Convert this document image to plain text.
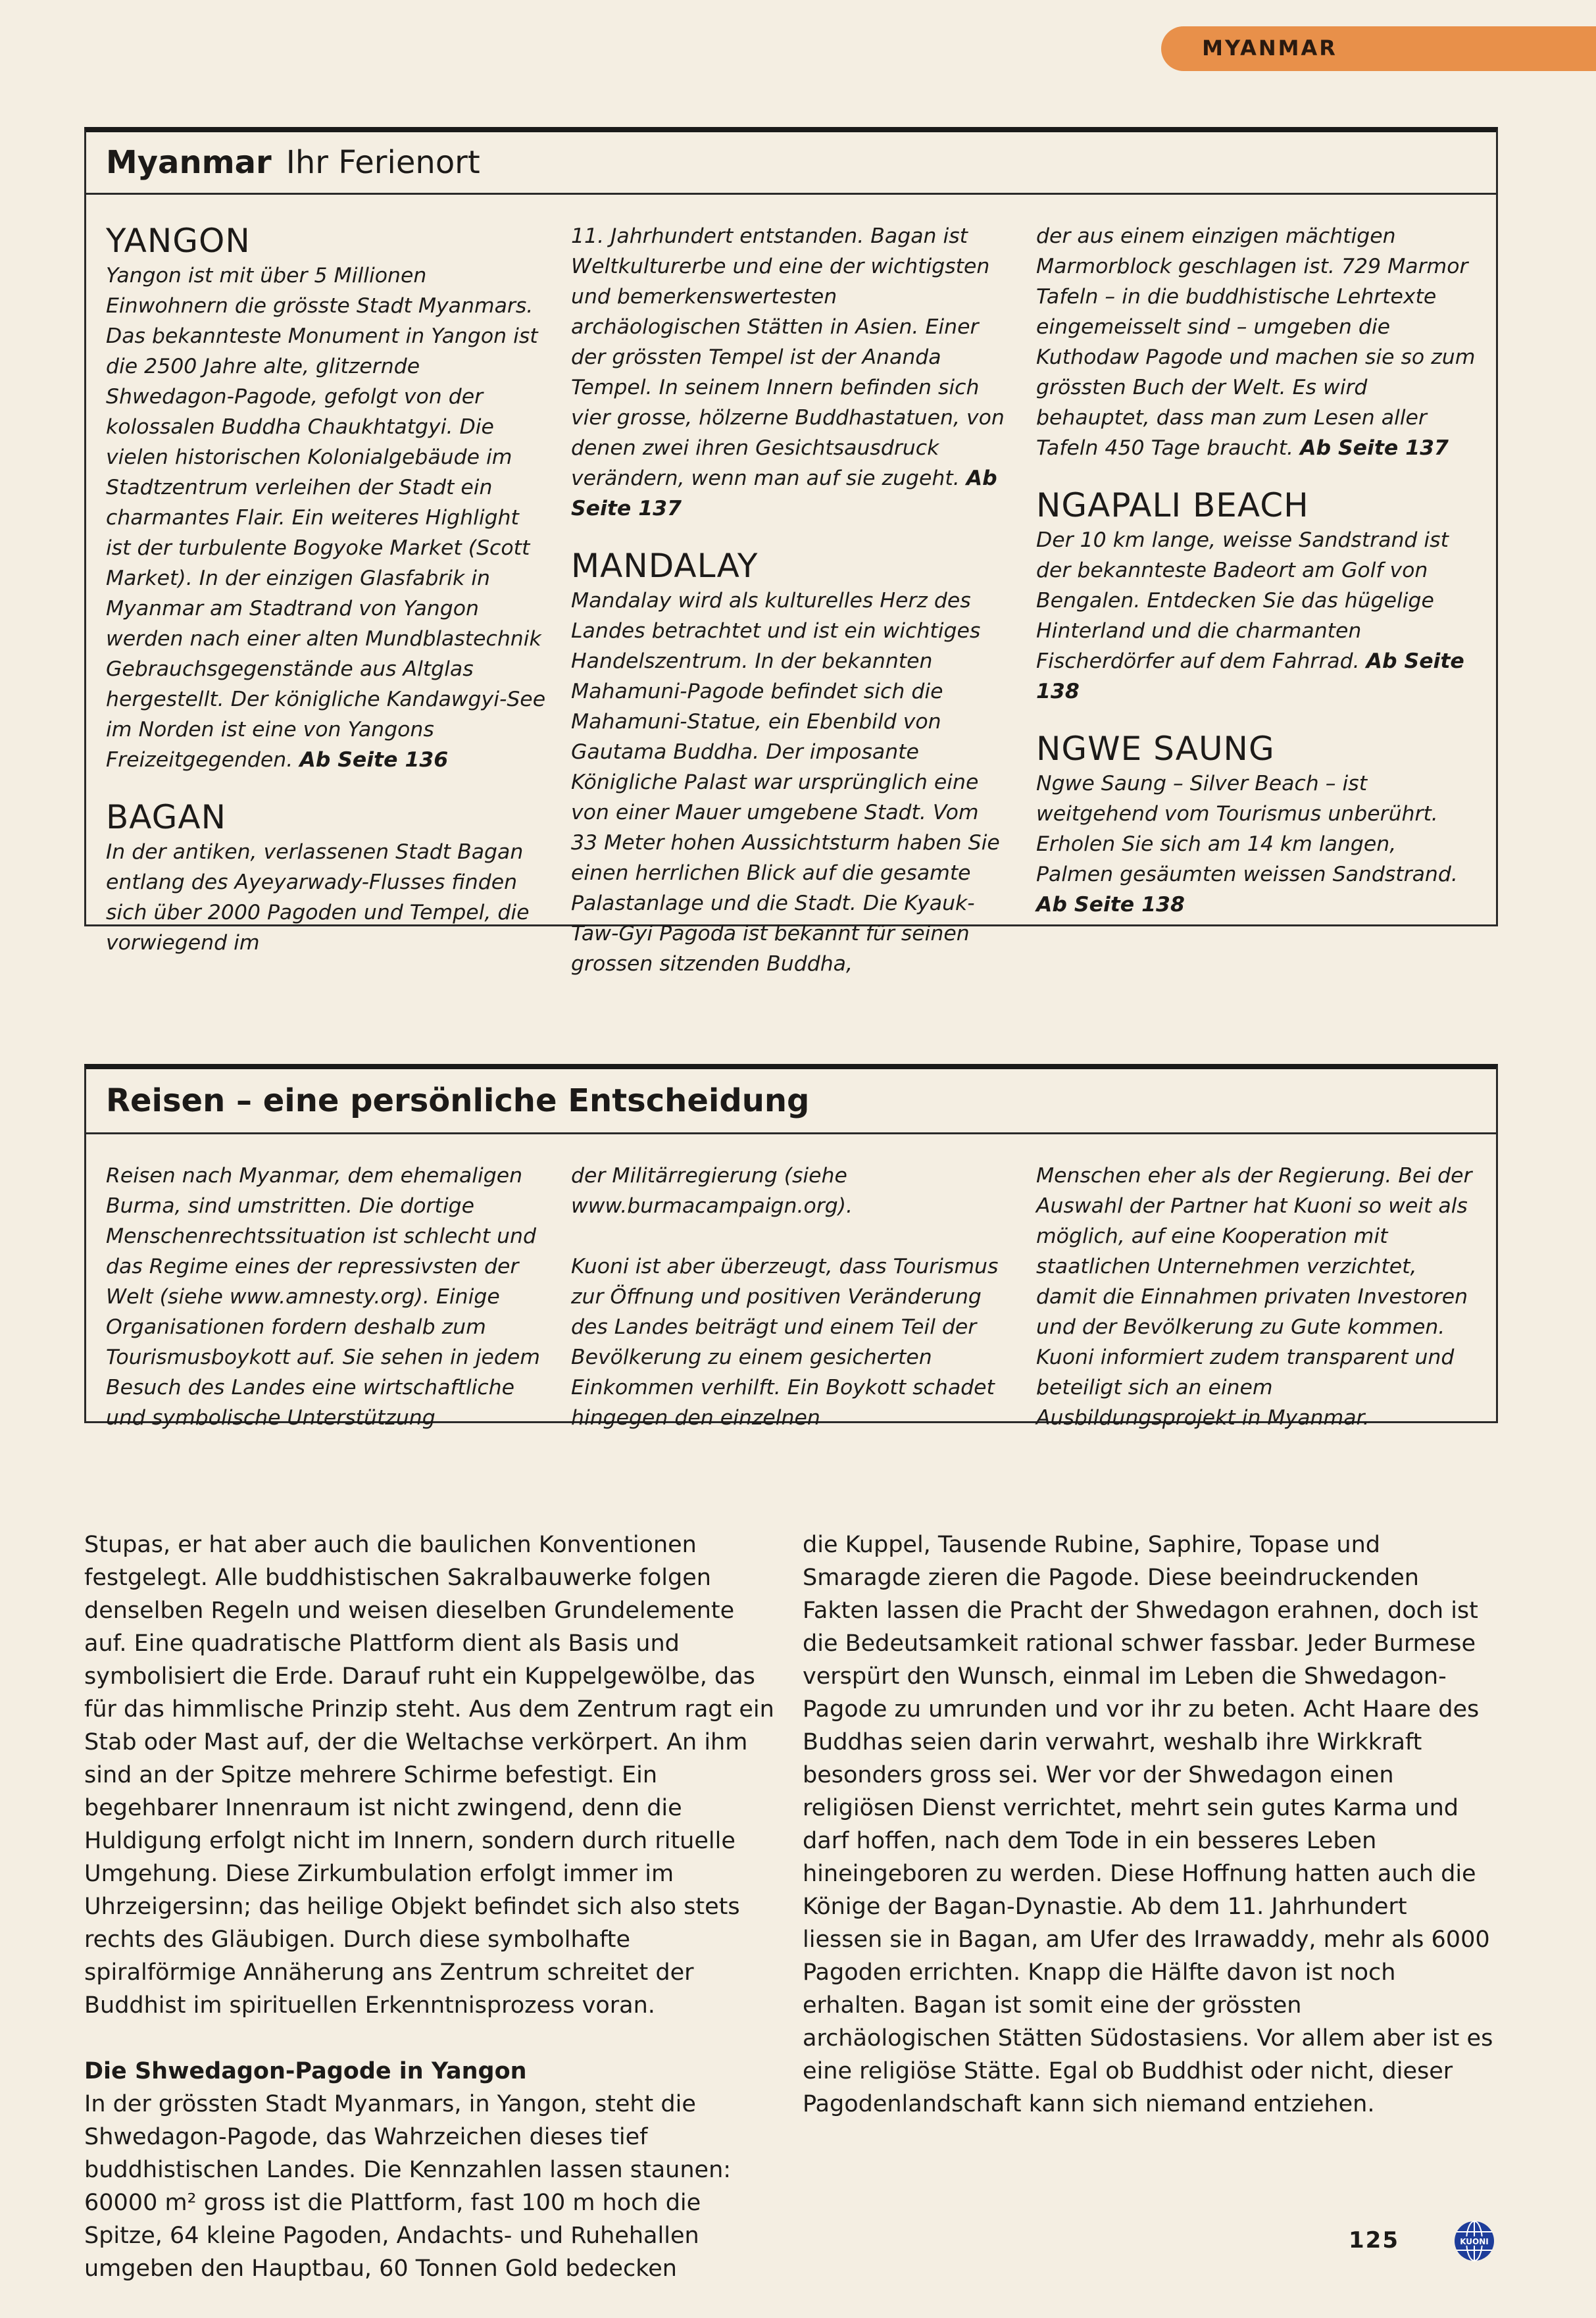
MYANMAR
Myanmar Ihr Ferienort
YANGON

Yangon ist mit über 5 Millionen Einwohnern die grösste Stadt Myanmars. Das bekannteste Monument in Yangon ist die 2500 Jahre alte, glitzernde Shwedagon-Pagode, gefolgt von der kolossalen Buddha Chaukhtatgyi. Die vielen historischen Kolonialgebäude im Stadtzentrum verleihen der Stadt ein charmantes Flair. Ein weiteres Highlight ist der turbulente Bogyoke Market (Scott Market). In der einzigen Glasfabrik in Myanmar am Stadtrand von Yangon werden nach einer alten Mundblastechnik Gebrauchsgegenstände aus Altglas hergestellt. Der königliche Kandawgyi-See im Norden ist eine von Yangons Freizeitgegenden. Ab Seite 136

BAGAN

In der antiken, verlassenen Stadt Bagan entlang des Ayeyarwady-Flusses finden sich über 2000 Pagoden und Tempel, die vorwiegend im

11. Jahrhundert entstanden. Bagan ist Weltkulturerbe und eine der wichtigsten und bemerkenswertesten archäologischen Stätten in Asien. Einer der grössten Tempel ist der Ananda Tempel. In seinem Innern befinden sich vier grosse, hölzerne Buddhastatuen, von denen zwei ihren Gesichtsausdruck verändern, wenn man auf sie zugeht. Ab Seite 137

MANDALAY

Mandalay wird als kulturelles Herz des Landes betrachtet und ist ein wichtiges Handelszentrum. In der bekannten Mahamuni-Pagode befindet sich die Mahamuni-Statue, ein Ebenbild von Gautama Buddha. Der imposante Königliche Palast war ursprünglich eine von einer Mauer umgebene Stadt. Vom 33 Meter hohen Aussichtsturm haben Sie einen herrlichen Blick auf die gesamte Palastanlage und die Stadt. Die Kyauk-Taw-Gyi Pagoda ist bekannt für seinen grossen sitzenden Buddha,

der aus einem einzigen mächtigen Marmorblock geschlagen ist. 729 Marmor Tafeln – in die buddhistische Lehrtexte eingemeisselt sind – umgeben die Kuthodaw Pagode und machen sie so zum grössten Buch der Welt. Es wird behauptet, dass man zum Lesen aller Tafeln 450 Tage braucht. Ab Seite 137

NGAPALI BEACH

Der 10 km lange, weisse Sandstrand ist der bekannteste Badeort am Golf von Bengalen. Entdecken Sie das hügelige Hinterland und die charmanten Fischerdörfer auf dem Fahrrad. Ab Seite 138

NGWE SAUNG

Ngwe Saung – Silver Beach – ist weitgehend vom Tourismus unberührt. Erholen Sie sich am 14 km langen, Palmen gesäumten weissen Sandstrand. Ab Seite 138

Reisen – eine persönliche Entscheidung

Reisen nach Myanmar, dem ehemaligen Burma, sind umstritten. Die dortige Menschenrechtssituation ist schlecht und das Regime eines der repressivsten der Welt (siehe www.amnesty.org). Einige Organisationen fordern deshalb zum Tourismusboykott auf. Sie sehen in jedem Besuch des Landes eine wirtschaftliche und symbolische Unterstützung

der Militärregierung (siehe www.burmacampaign.org).

Kuoni ist aber überzeugt, dass Tourismus zur Öffnung und positiven Veränderung des Landes beiträgt und einem Teil der Bevölkerung zu einem gesicherten Einkommen verhilft. Ein Boykott schadet hingegen den einzelnen

Menschen eher als der Regierung. Bei der Auswahl der Partner hat Kuoni so weit als möglich, auf eine Kooperation mit staatlichen Unternehmen verzichtet, damit die Einnahmen privaten Investoren und der Bevölkerung zu Gute kommen. Kuoni informiert zudem transparent und beteiligt sich an einem Ausbildungsprojekt in Myanmar.

Stupas, er hat aber auch die baulichen Konventionen festgelegt. Alle buddhistischen Sakralbauwerke folgen denselben Regeln und weisen dieselben Grundelemente auf. Eine quadratische Plattform dient als Basis und symbolisiert die Erde. Darauf ruht ein Kuppelgewölbe, das für das himmlische Prinzip steht. Aus dem Zentrum ragt ein Stab oder Mast auf, der die Weltachse verkörpert. An ihm sind an der Spitze mehrere Schirme befestigt. Ein begehbarer Innenraum ist nicht zwingend, denn die Huldigung erfolgt nicht im Innern, sondern durch rituelle Umgehung. Diese Zirkumbulation erfolgt immer im Uhrzeigersinn; das heilige Objekt befindet sich also stets rechts des Gläubigen. Durch diese symbolhafte spiralförmige Annäherung ans Zentrum schreitet der Buddhist im spirituellen Erkenntnisprozess voran.

Die Shwedagon-Pagode in Yangon

In der grössten Stadt Myanmars, in Yangon, steht die Shwedagon-Pagode, das Wahrzeichen dieses tief buddhistischen Landes. Die Kennzahlen lassen staunen: 60000 m² gross ist die Plattform, fast 100 m hoch die Spitze, 64 kleine Pagoden, Andachts- und Ruhehallen umgeben den Hauptbau, 60 Tonnen Gold bedecken

die Kuppel, Tausende Rubine, Saphire, Topase und Smaragde zieren die Pagode. Diese beeindruckenden Fakten lassen die Pracht der Shwedagon erahnen, doch ist die Bedeutsamkeit rational schwer fassbar. Jeder Burmese verspürt den Wunsch, einmal im Leben die Shwedagon-Pagode zu umrunden und vor ihr zu beten. Acht Haare des Buddhas seien darin verwahrt, weshalb ihre Wirkkraft besonders gross sei. Wer vor der Shwedagon einen religiösen Dienst verrichtet, mehrt sein gutes Karma und darf hoffen, nach dem Tode in ein besseres Leben hineingeboren zu werden. Diese Hoffnung hatten auch die Könige der Bagan-Dynastie. Ab dem 11. Jahrhundert liessen sie in Bagan, am Ufer des Irrawaddy, mehr als 6000 Pagoden errichten. Knapp die Hälfte davon ist noch erhalten. Bagan ist somit eine der grössten archäologischen Stätten Südostasiens. Vor allem aber ist es eine religiöse Stätte. Egal ob Buddhist oder nicht, dieser Pagodenlandschaft kann sich niemand entziehen.

125	KUONI
